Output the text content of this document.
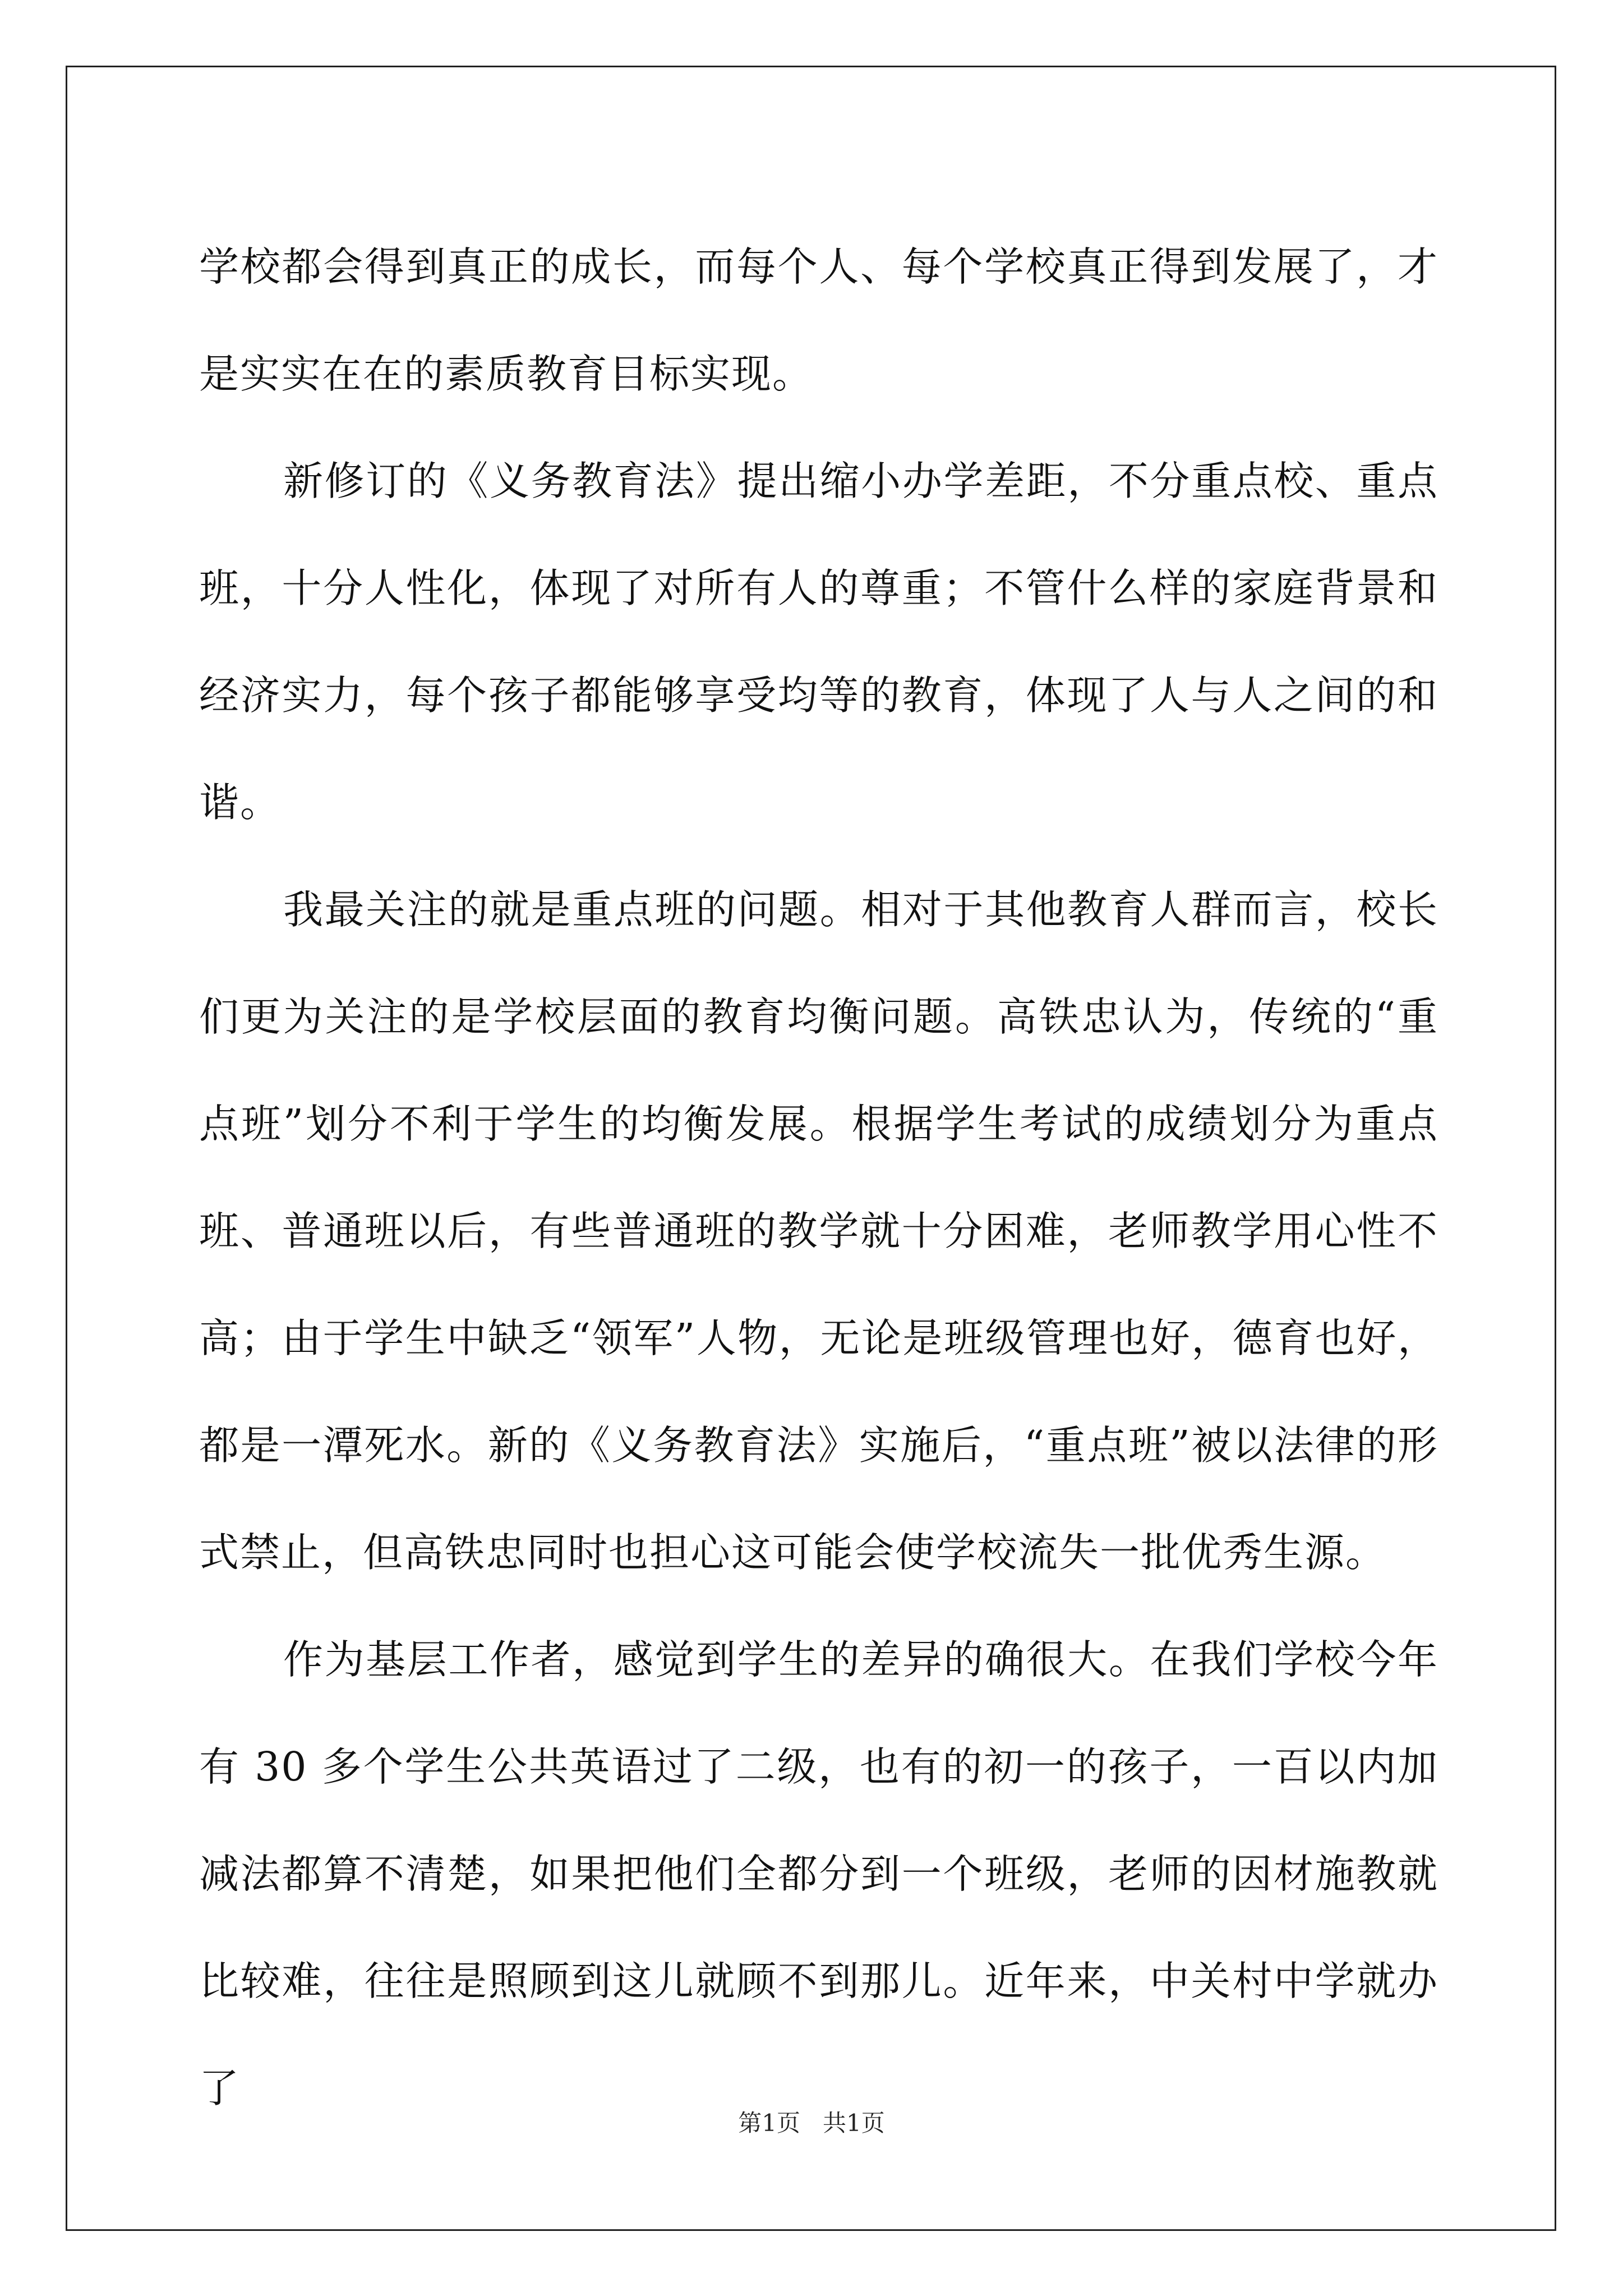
学校都会得到真正的成长，而每个人、每个学校真正得到发展了，才是实实在在的素质教育目标实现。

新修订的《义务教育法》提出缩小办学差距，不分重点校、重点班，十分人性化，体现了对所有人的尊重；不管什么样的家庭背景和经济实力，每个孩子都能够享受均等的教育，体现了人与人之间的和谐。

我最关注的就是重点班的问题。相对于其他教育人群而言，校长们更为关注的是学校层面的教育均衡问题。高铁忠认为，传统的“重点班”划分不利于学生的均衡发展。根据学生考试的成绩划分为重点班、普通班以后，有些普通班的教学就十分困难，老师教学用心性不高；由于学生中缺乏“领军”人物，无论是班级管理也好，德育也好，都是一潭死水。新的《义务教育法》实施后，“重点班”被以法律的形式禁止，但高铁忠同时也担心这可能会使学校流失一批优秀生源。

作为基层工作者，感觉到学生的差异的确很大。在我们学校今年有 30 多个学生公共英语过了二级，也有的初一的孩子，一百以内加减法都算不清楚，如果把他们全都分到一个班级，老师的因材施教就比较难，往往是照顾到这儿就顾不到那儿。近年来，中关村中学就办了

第1页 共1页
